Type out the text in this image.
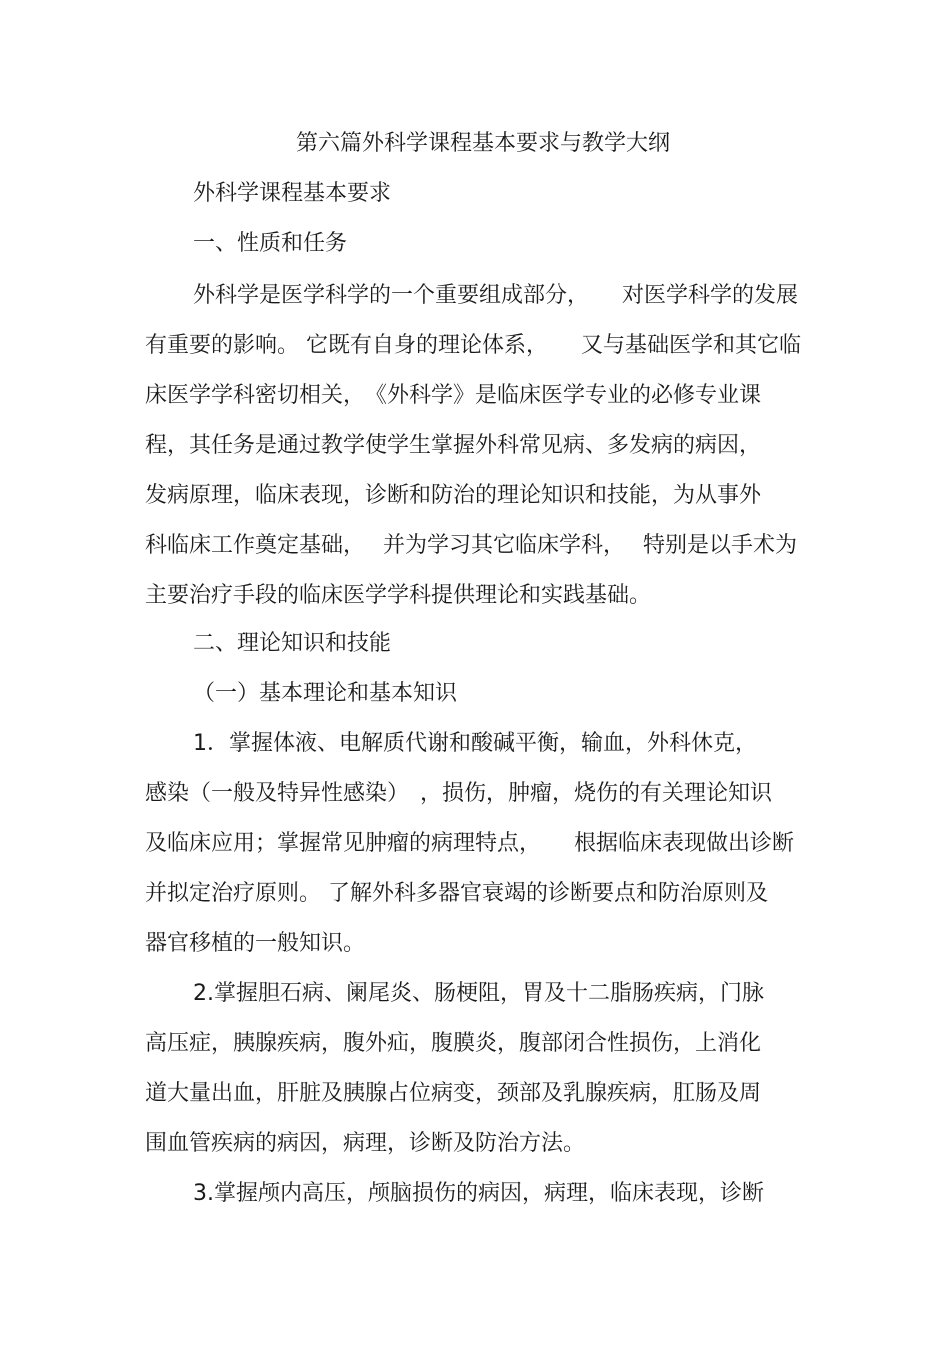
第六篇外科学课程基本要求与教学大纲
外科学课程基本要求
一、性质和任务
外科学是医学科学的一个重要组成部分，　　对医学科学的发展
有重要的影响。 它既有自身的理论体系，　　又与基础医学和其它临
床医学学科密切相关，　《外科学》是临床医学专业的必修专业课
程，其任务是通过教学使学生掌握外科常见病、多发病的病因，
发病原理，临床表现，诊断和防治的理论知识和技能，为从事外
科临床工作奠定基础，　 并为学习其它临床学科，　 特别是以手术为
主要治疗手段的临床医学学科提供理论和实践基础。
二、理论知识和技能
（一）基本理论和基本知识
1．掌握体液、电解质代谢和酸碱平衡，输血，外科休克，
感染（一般及特异性感染）　，损伤，肿瘤，烧伤的有关理论知识
及临床应用；掌握常见肿瘤的病理特点，　　根据临床表现做出诊断
并拟定治疗原则。 了解外科多器官衰竭的诊断要点和防治原则及
器官移植的一般知识。
2.掌握胆石病、阑尾炎、肠梗阻，胃及十二脂肠疾病，门脉
高压症，胰腺疾病，腹外疝，腹膜炎，腹部闭合性损伤，上消化
道大量出血，肝脏及胰腺占位病变，颈部及乳腺疾病，肛肠及周
围血管疾病的病因，病理，诊断及防治方法。
3.掌握颅内高压，颅脑损伤的病因，病理，临床表现，诊断
